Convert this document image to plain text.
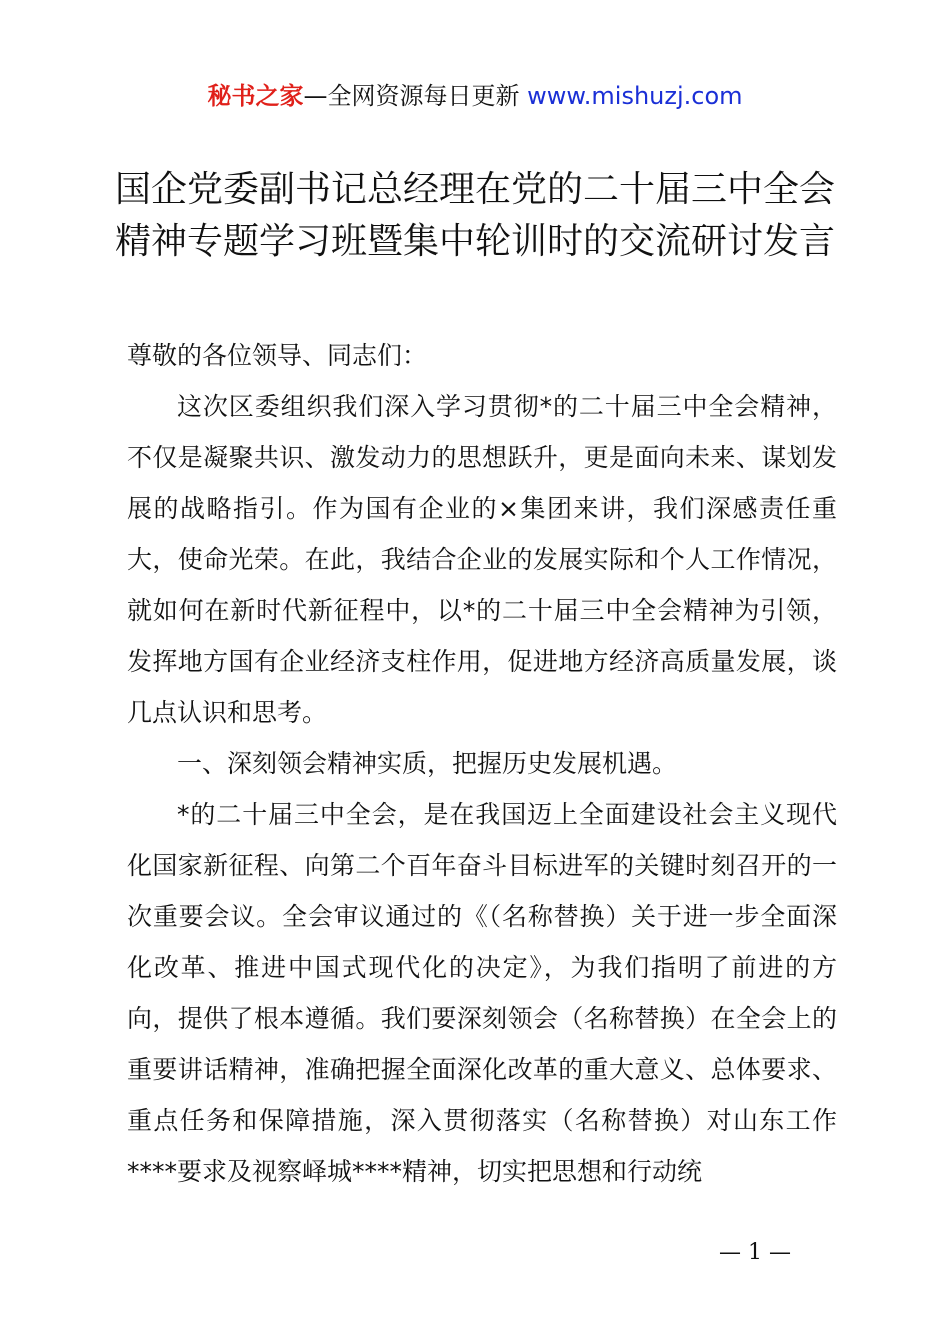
秘书之家—全网资源每日更新 www.mishuzj.com
国企党委副书记总经理在党的二十届三中全会
精神专题学习班暨集中轮训时的交流研讨发言

尊敬的各位领导、同志们：

这次区委组织我们深入学习贯彻*的二十届三中全会精神，不仅是凝聚共识、激发动力的思想跃升，更是面向未来、谋划发展的战略指引。作为国有企业的×集团来讲，我们深感责任重大，使命光荣。在此，我结合企业的发展实际和个人工作情况，就如何在新时代新征程中，以*的二十届三中全会精神为引领，发挥地方国有企业经济支柱作用，促进地方经济高质量发展，谈几点认识和思考。

一、深刻领会精神实质，把握历史发展机遇。

*的二十届三中全会，是在我国迈上全面建设社会主义现代化国家新征程、向第二个百年奋斗目标进军的关键时刻召开的一次重要会议。全会审议通过的《（名称替换）关于进一步全面深化改革、推进中国式现代化的决定》，为我们指明了前进的方向，提供了根本遵循。我们要深刻领会（名称替换）在全会上的重要讲话精神，准确把握全面深化改革的重大意义、总体要求、重点任务和保障措施，深入贯彻落实（名称替换）对山东工作****要求及视察峄城****精神，切实把思想和行动统

— 1 —
